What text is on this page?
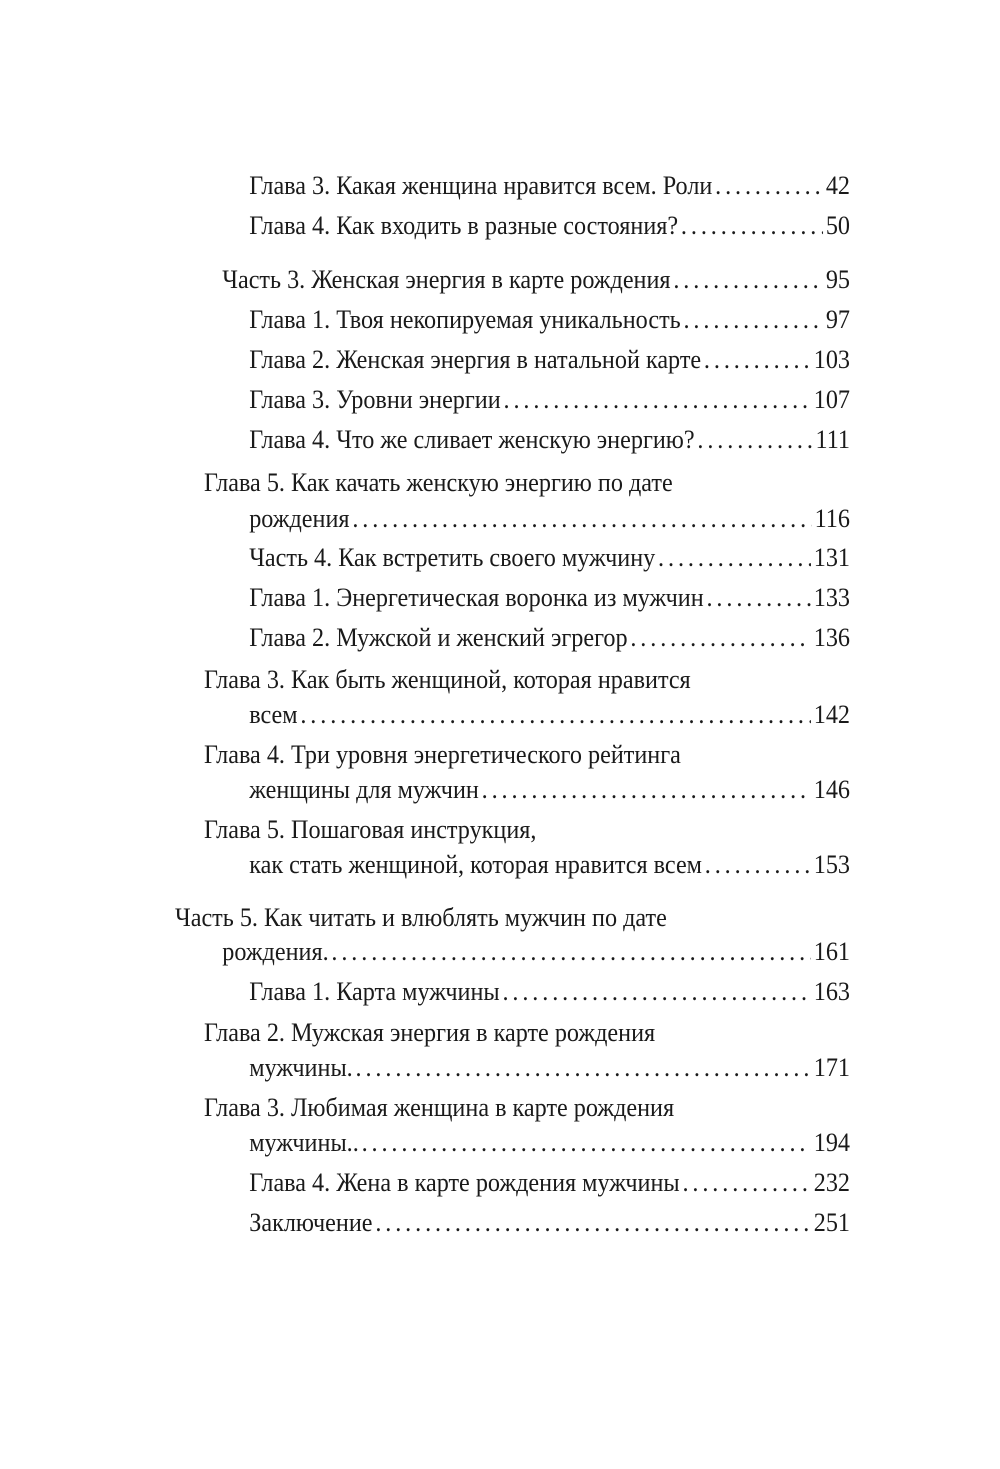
Глава 3. Какая женщина нравится всем. Роли .....	42
Глава 4. Как входить в разные состояния? .....	50
Часть 3. Женская энергия в карте рождения .....	95
Глава 1. Твоя некопируемая уникальность .....	97
Глава 2. Женская энергия в натальной карте .....	103
Глава 3. Уровни энергии .....	107
Глава 4. Что же сливает женскую энергию? .....	111
Глава 5. Как качать женскую энергию по дате
рождения .....	116
Часть 4. Как встретить своего мужчину .....	131
Глава 1. Энергетическая воронка из мужчин .....	133
Глава 2. Мужской и женский эгрегор .....	136
Глава 3. Как быть женщиной, которая нравится
всем .....	142
Глава 4. Три уровня энергетического рейтинга
женщины для мужчин .....	146
Глава 5. Пошаговая инструкция,
как стать женщиной, которая нравится всем .....	153
Часть 5. Как читать и влюблять мужчин по дате
рождения. .....	161
Глава 1. Карта мужчины .....	163
Глава 2. Мужская энергия в карте рождения
мужчины. .....	171
Глава 3. Любимая женщина в карте рождения
мужчины.. .....	194
Глава 4. Жена в карте рождения мужчины .....	232
Заключение .....	251
